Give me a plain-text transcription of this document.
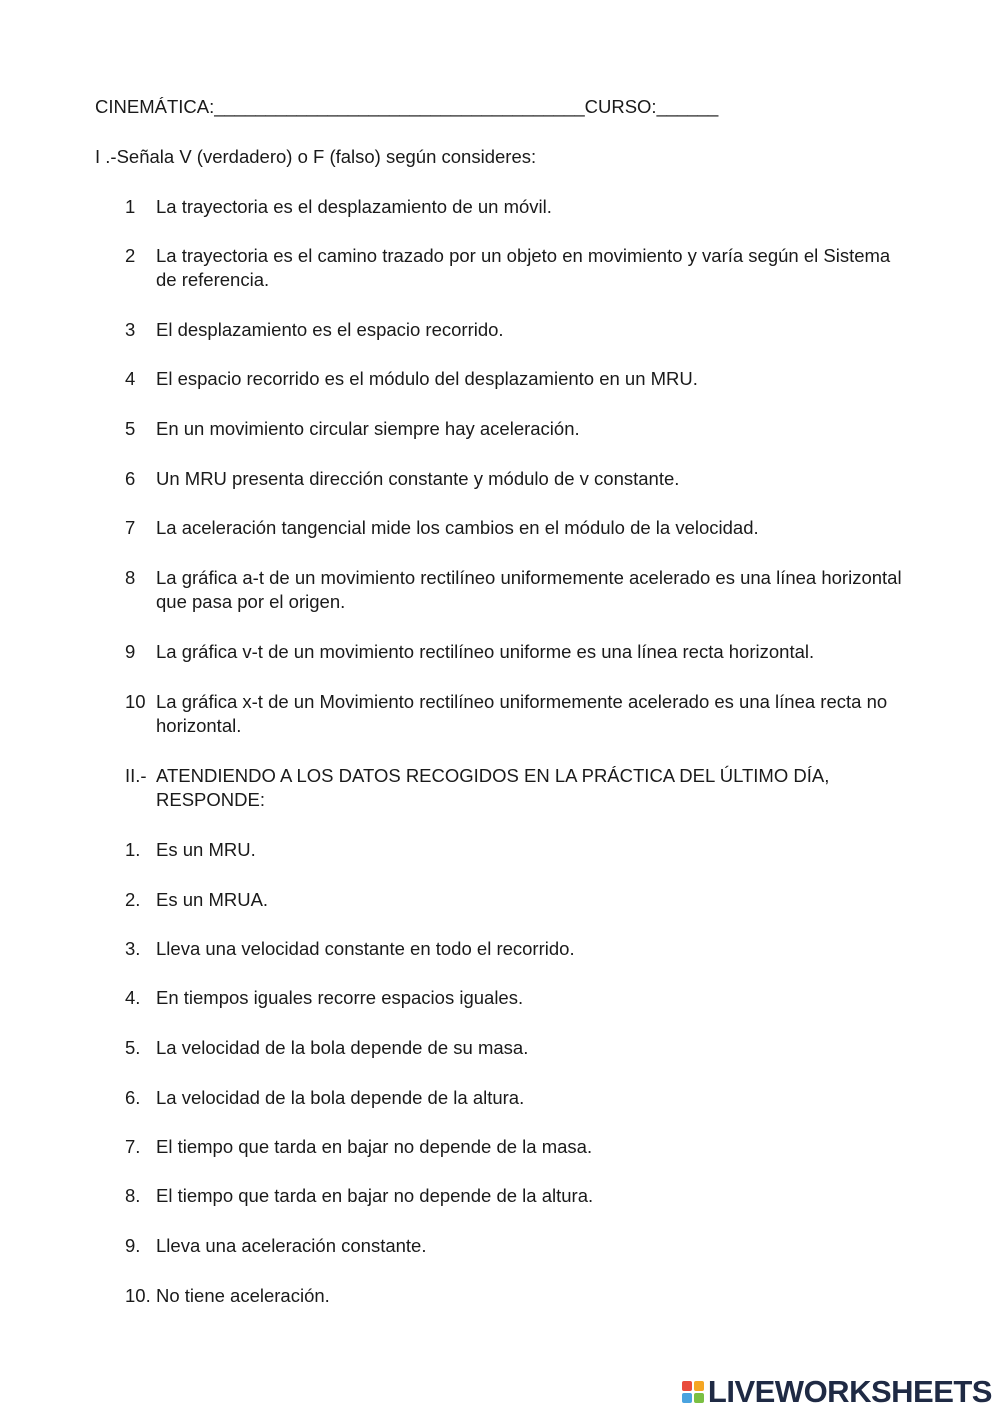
CINEMÁTICA:____________________________________CURSO:______
I .-Señala V (verdadero) o F (falso) según consideres:
1 La trayectoria es el desplazamiento de un móvil.
2 La trayectoria es el camino trazado por un objeto en movimiento y varía según el Sistema de referencia.
3 El desplazamiento es el espacio recorrido.
4 El espacio recorrido es el módulo del desplazamiento en un MRU.
5 En un movimiento circular siempre hay aceleración.
6 Un MRU presenta dirección constante y módulo de v constante.
7 La aceleración tangencial mide los cambios en el módulo de la velocidad.
8 La gráfica a-t de un movimiento rectilíneo uniformemente acelerado es una línea horizontal que pasa por el origen.
9 La gráfica v-t de un movimiento rectilíneo uniforme es una línea recta horizontal.
10 La gráfica x-t de un Movimiento rectilíneo uniformemente acelerado es una línea recta no horizontal.
II.- ATENDIENDO A LOS DATOS RECOGIDOS EN LA PRÁCTICA DEL ÚLTIMO DÍA, RESPONDE:
1. Es un MRU.
2. Es un MRUA.
3. Lleva una velocidad constante en todo el recorrido.
4. En tiempos iguales recorre espacios iguales.
5. La velocidad de la bola depende de su masa.
6. La velocidad de la bola depende de la altura.
7. El tiempo que tarda en bajar no depende de la masa.
8. El tiempo que tarda en bajar no depende de la altura.
9. Lleva una aceleración constante.
10. No tiene aceleración.
LIVEWORKSHEETS
